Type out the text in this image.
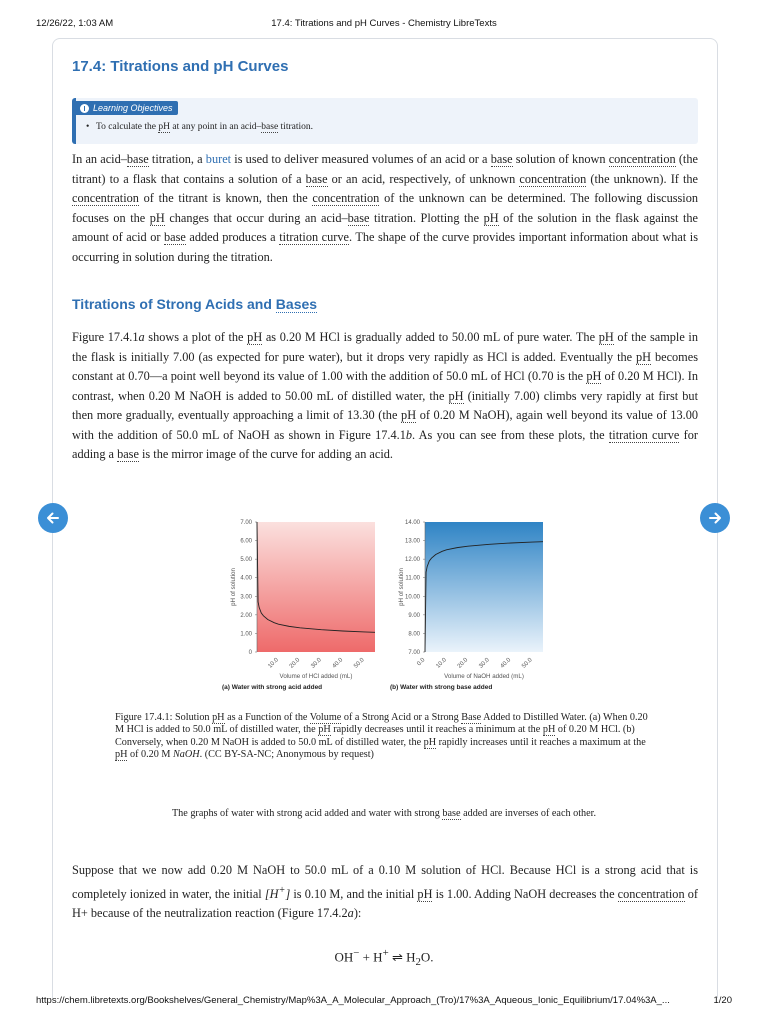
12/26/22, 1:03 AM	17.4: Titrations and pH Curves - Chemistry LibreTexts
17.4: Titrations and pH Curves
Learning Objectives
• To calculate the pH at any point in an acid–base titration.

In an acid–base titration, a buret is used to deliver measured volumes of an acid or a base solution of known concentration (the titrant) to a flask that contains a solution of a base or an acid, respectively, of unknown concentration (the unknown). If the concentration of the titrant is known, then the concentration of the unknown can be determined. The following discussion focuses on the pH changes that occur during an acid–base titration. Plotting the pH of the solution in the flask against the amount of acid or base added produces a titration curve. The shape of the curve provides important information about what is occurring in solution during the titration.

Titrations of Strong Acids and Bases

Figure 17.4.1a shows a plot of the pH as 0.20 M HCl is gradually added to 50.00 mL of pure water. The pH of the sample in the flask is initially 7.00 (as expected for pure water), but it drops very rapidly as HCl is added. Eventually the pH becomes constant at 0.70—a point well beyond its value of 1.00 with the addition of 50.0 mL of HCl (0.70 is the pH of 0.20 M HCl). In contrast, when 0.20 M NaOH is added to 50.00 mL of distilled water, the pH (initially 7.00) climbs very rapidly at first but then more gradually, eventually approaching a limit of 13.30 (the pH of 0.20 M NaOH), again well beyond its value of 13.00 with the addition of 50.0 mL of NaOH as shown in Figure 17.4.1b. As you can see from these plots, the titration curve for adding a base is the mirror image of the curve for adding an acid.

0
1.00
2.00
3.00
4.00
5.00
6.00
7.00
10.0 20.0 30.0 40.0 50.0
pH of solution
Volume of HCl added (mL)
(a) Water with strong acid added
7.00
8.00
9.00
10.00
11.00
12.00
13.00
14.00
0.0 10.0 20.0 30.0 40.0 50.0
pH of solution
Volume of NaOH added (mL)
(b) Water with strong base added

Figure 17.4.1: Solution pH as a Function of the Volume of a Strong Acid or a Strong Base Added to Distilled Water. (a) When 0.20 M HCl is added to 50.0 mL of distilled water, the pH rapidly decreases until it reaches a minimum at the pH of 0.20 M HCl. (b) Conversely, when 0.20 M NaOH is added to 50.0 mL of distilled water, the pH rapidly increases until it reaches a maximum at the pH of 0.20 M NaOH. (CC BY-SA-NC; Anonymous by request)

The graphs of water with strong acid added and water with strong base added are inverses of each other.

Suppose that we now add 0.20 M NaOH to 50.0 mL of a 0.10 M solution of HCl. Because HCl is a strong acid that is completely ionized in water, the initial [H+] is 0.10 M, and the initial pH is 1.00. Adding NaOH decreases the concentration of H+ because of the neutralization reaction (Figure 17.4.2a):

OH− + H+ ⇌ $H_2O$.
https://chem.libretexts.org/Bookshelves/General_Chemistry/Map%3A_A_Molecular_Approach_(Tro)/17%3A_Aqueous_Ionic_Equilibrium/17.04%3A_...	1/20
